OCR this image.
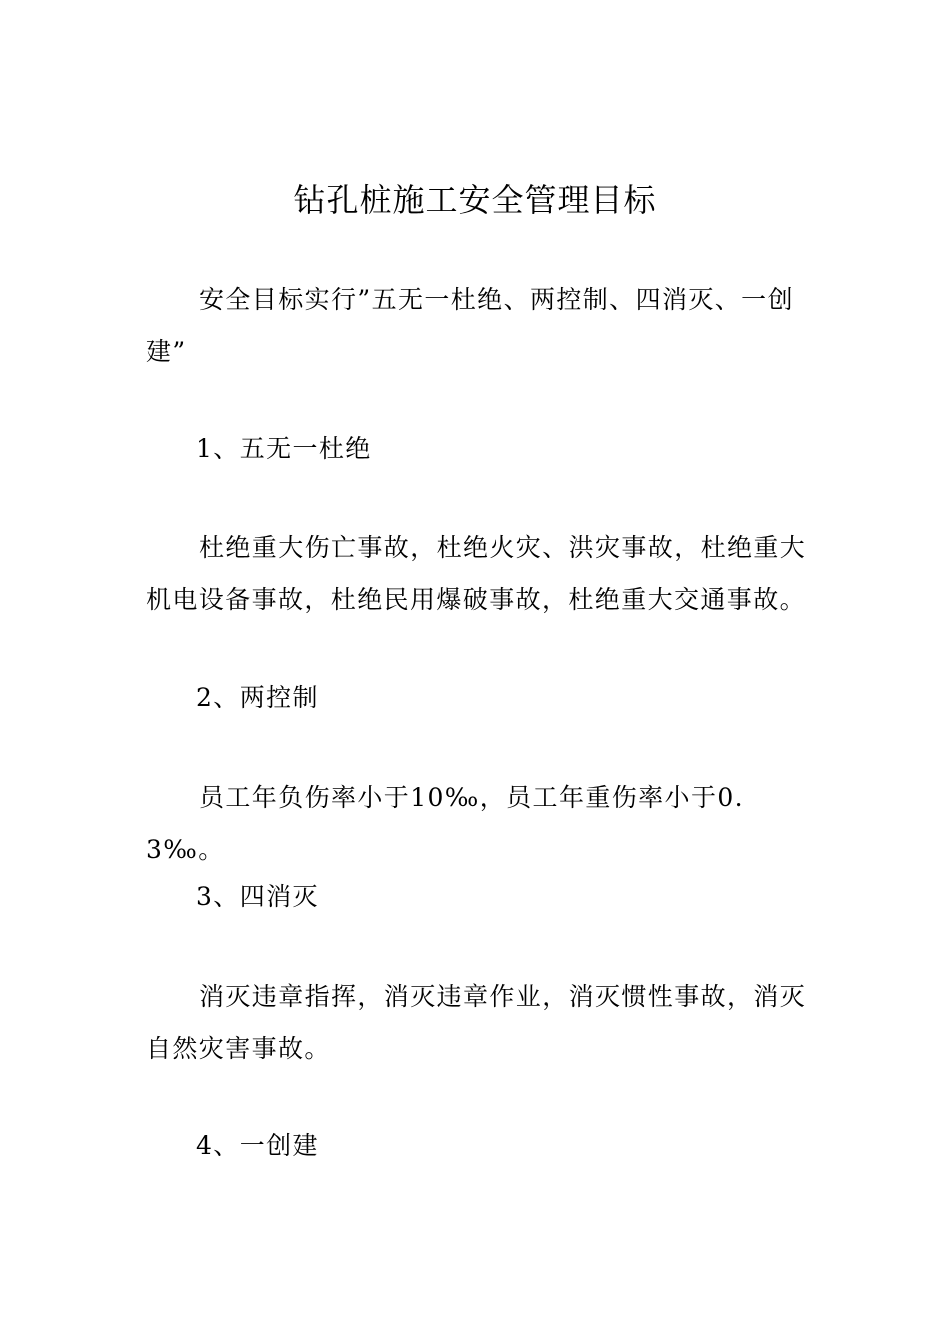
钻孔桩施工安全管理目标

安全目标实行”五无一杜绝、两控制、四消灭、一创建”

1、五无一杜绝

杜绝重大伤亡事故，杜绝火灾、洪灾事故，杜绝重大机电设备事故，杜绝民用爆破事故，杜绝重大交通事故。

2、两控制

员工年负伤率小于10‰，员工年重伤率小于0.3‰。

3、四消灭

消灭违章指挥，消灭违章作业，消灭惯性事故，消灭自然灾害事故。

4、一创建
